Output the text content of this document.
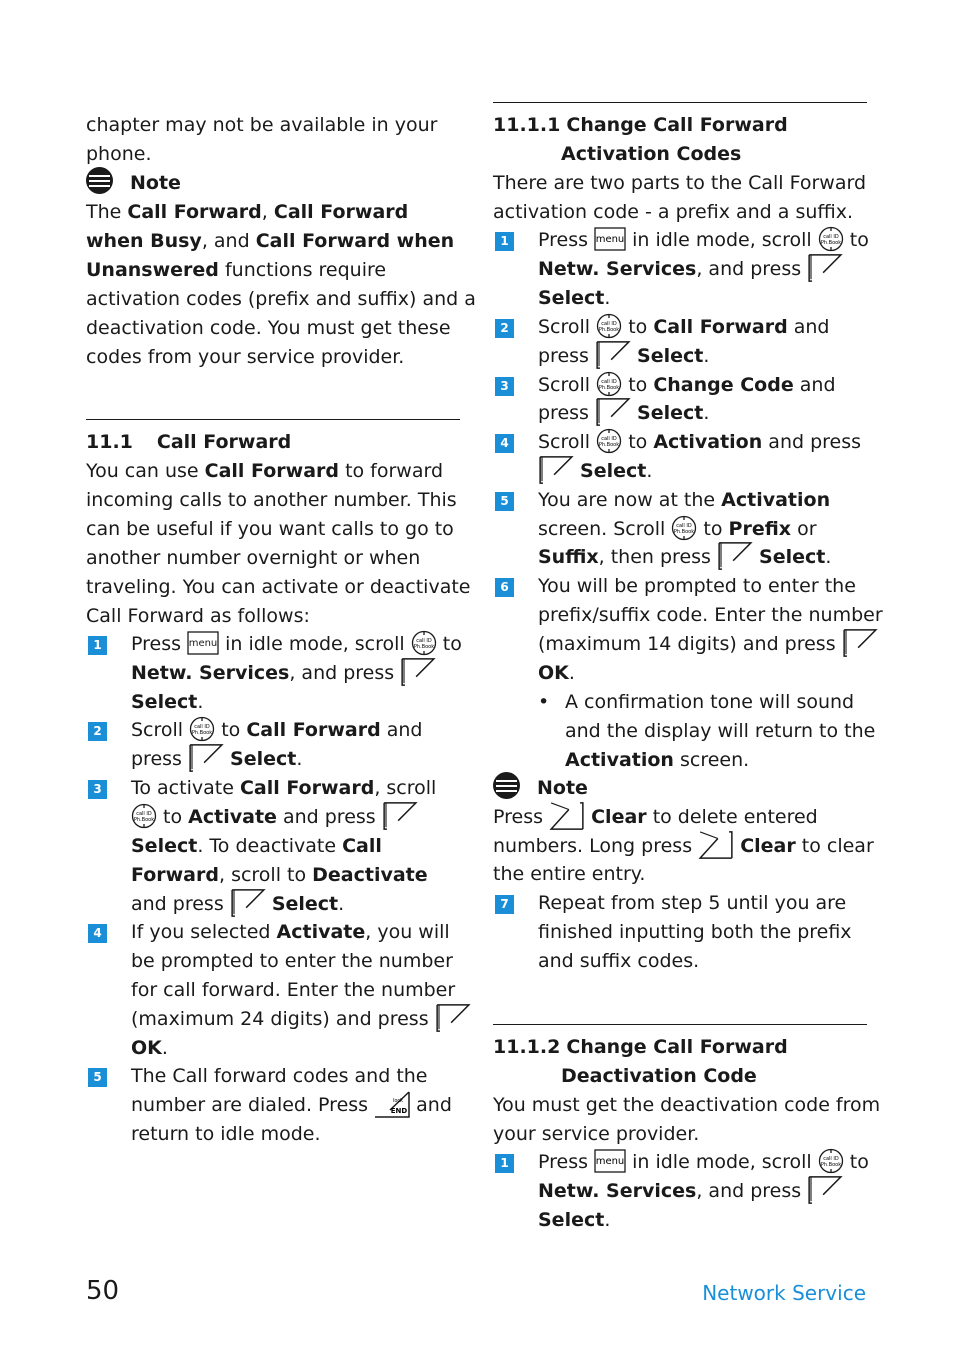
chapter may not be available in your
phone.
Note
The Call Forward, Call Forward
when Busy, and Call Forward when
Unanswered functions require
activation codes (prefix and suffix) and a
deactivation code. You must get these
codes from your service provider.
11.1 Call Forward
You can use Call Forward to forward
incoming calls to another number. This
can be useful if you want calls to go to
another number overnight or when
traveling. You can activate or deactivate
Call Forward as follows:
1 Press menu in idle mode, scroll call ID
Ph.Book to
Netw. Services, and press
Select.
2 Scroll call ID
Ph.Book to Call Forward and
press	Select.
3 To activate Call Forward, scroll
call ID
Ph.Book to Activate and press
Select. To deactivate Call
Forward, scroll to Deactivate
and press	Select.
4 If you selected Activate, you will
be prompted to enter the number
for call forward. Enter the number
(maximum 24 digits) and press
OK.
5 The Call forward codes and the
number are dialed. Press	lock
END and
return to idle mode.
11.1.1 Change Call Forward
Activation Codes
There are two parts to the Call Forward
activation code - a prefix and a suffix.
1 Press menu in idle mode, scroll call ID
Ph.Book to
Netw. Services, and press
Select.
2 Scroll call ID
Ph.Book to Call Forward and
press	Select.
3 Scroll call ID
Ph.Book to Change Code and
press	Select.
4 Scroll call ID
Ph.Book to Activation and press
Select.
5 You are now at the Activation
screen. Scroll call ID
Ph.Book to Prefix or
Suffix, then press	Select.
6 You will be prompted to enter the
prefix/suffix code. Enter the number
(maximum 14 digits) and press
OK.
• A confirmation tone will sound
and the display will return to the
Activation screen.
Note
Press	Clear to delete entered
numbers. Long press	Clear to clear
the entire entry.
7 Repeat from step 5 until you are
finished inputting both the prefix
and suffix codes.
11.1.2 Change Call Forward
Deactivation Code
You must get the deactivation code from
your service provider.
1 Press menu in idle mode, scroll call ID
Ph.Book to
Netw. Services, and press
Select.
50	Network Service
